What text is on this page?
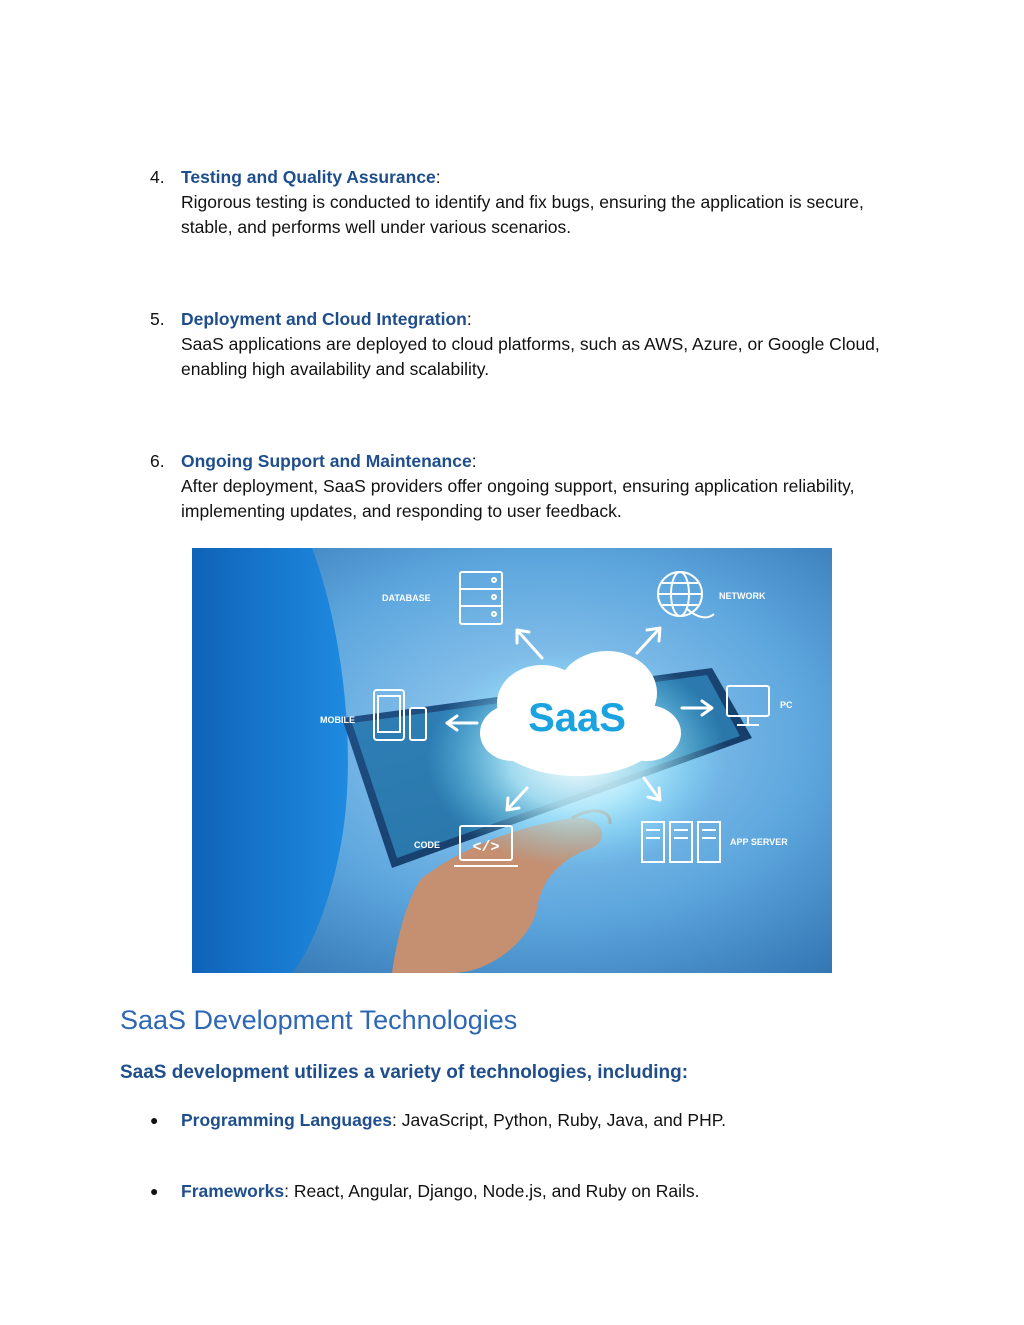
4. Testing and Quality Assurance:
Rigorous testing is conducted to identify and fix bugs, ensuring the application is secure, stable, and performs well under various scenarios.
5. Deployment and Cloud Integration:
SaaS applications are deployed to cloud platforms, such as AWS, Azure, or Google Cloud, enabling high availability and scalability.
6. Ongoing Support and Maintenance:
After deployment, SaaS providers offer ongoing support, ensuring application reliability, implementing updates, and responding to user feedback.
SaaS
DATABASE	NETWORK
MOBILE
PC
</>
CODE	APP SERVER
SaaS Development Technologies
SaaS development utilizes a variety of technologies, including:
● Programming Languages: JavaScript, Python, Ruby, Java, and PHP.
● Frameworks: React, Angular, Django, Node.js, and Ruby on Rails.
